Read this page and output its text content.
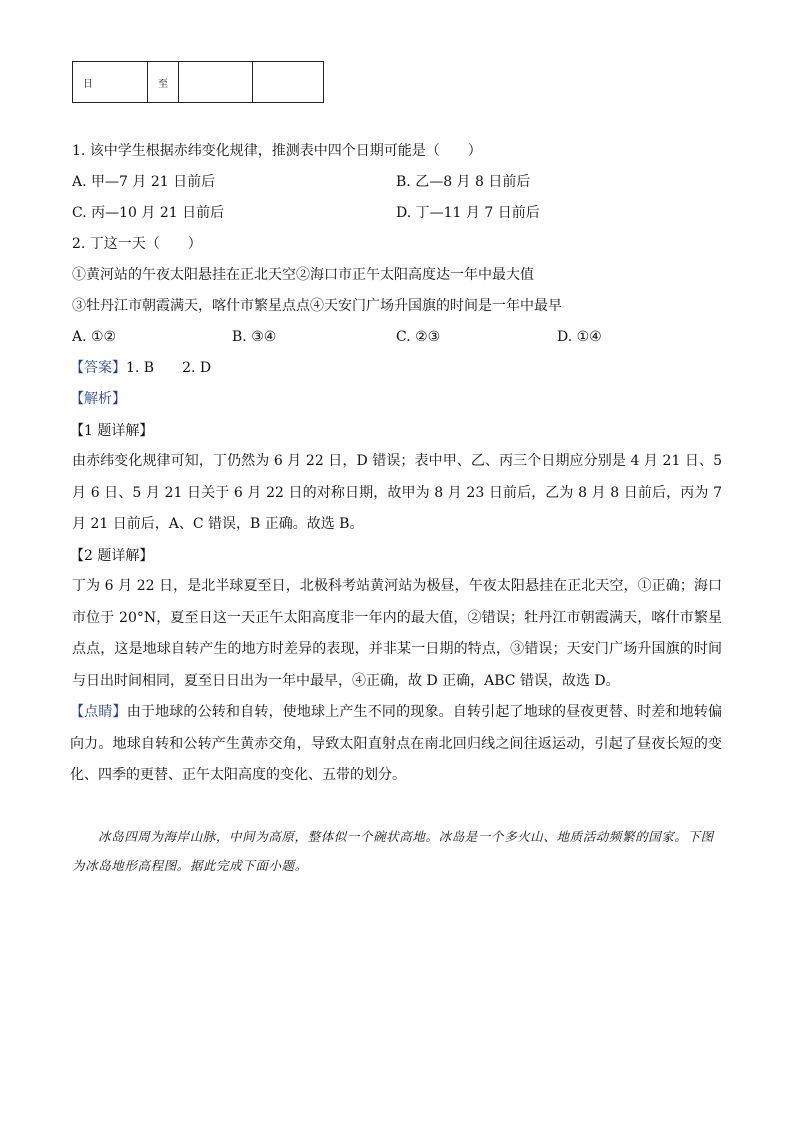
日	至		
1. 该中学生根据赤纬变化规律，推测表中四个日期可能是（　　）
A. 甲—7 月 21 日前后	B. 乙—8 月 8 日前后
C. 丙—10 月 21 日前后	D. 丁—11 月 7 日前后
2. 丁这一天（　　）
①黄河站的午夜太阳悬挂在正北天空②海口市正午太阳高度达一年中最大值
③牡丹江市朝霞满天，喀什市繁星点点④天安门广场升国旗的时间是一年中最早
A. ①②	B. ③④	C. ②③	D. ①④
【答案】1. B　　2. D
【解析】
【1 题详解】
由赤纬变化规律可知，丁仍然为 6 月 22 日，D 错误；表中甲、乙、丙三个日期应分别是 4 月 21 日、5 月 6 日、5 月 21 日关于 6 月 22 日的对称日期，故甲为 8 月 23 日前后，乙为 8 月 8 日前后，丙为 7 月 21 日前后，A、C 错误，B 正确。故选 B。
【2 题详解】
丁为 6 月 22 日，是北半球夏至日，北极科考站黄河站为极昼，午夜太阳悬挂在正北天空，①正确；海口市位于 20°N，夏至日这一天正午太阳高度非一年内的最大值，②错误；牡丹江市朝霞满天，喀什市繁星点点，这是地球自转产生的地方时差异的表现，并非某一日期的特点，③错误；天安门广场升国旗的时间与日出时间相同，夏至日日出为一年中最早，④正确，故 D 正确，ABC 错误，故选 D。
【点睛】由于地球的公转和自转，使地球上产生不同的现象。自转引起了地球的昼夜更替、时差和地转偏向力。地球自转和公转产生黄赤交角，导致太阳直射点在南北回归线之间往返运动，引起了昼夜长短的变化、四季的更替、正午太阳高度的变化、五带的划分。
冰岛四周为海岸山脉，中间为高原，整体似一个碗状高地。冰岛是一个多火山、地质活动频繁的国家。下图为冰岛地形高程图。据此完成下面小题。
